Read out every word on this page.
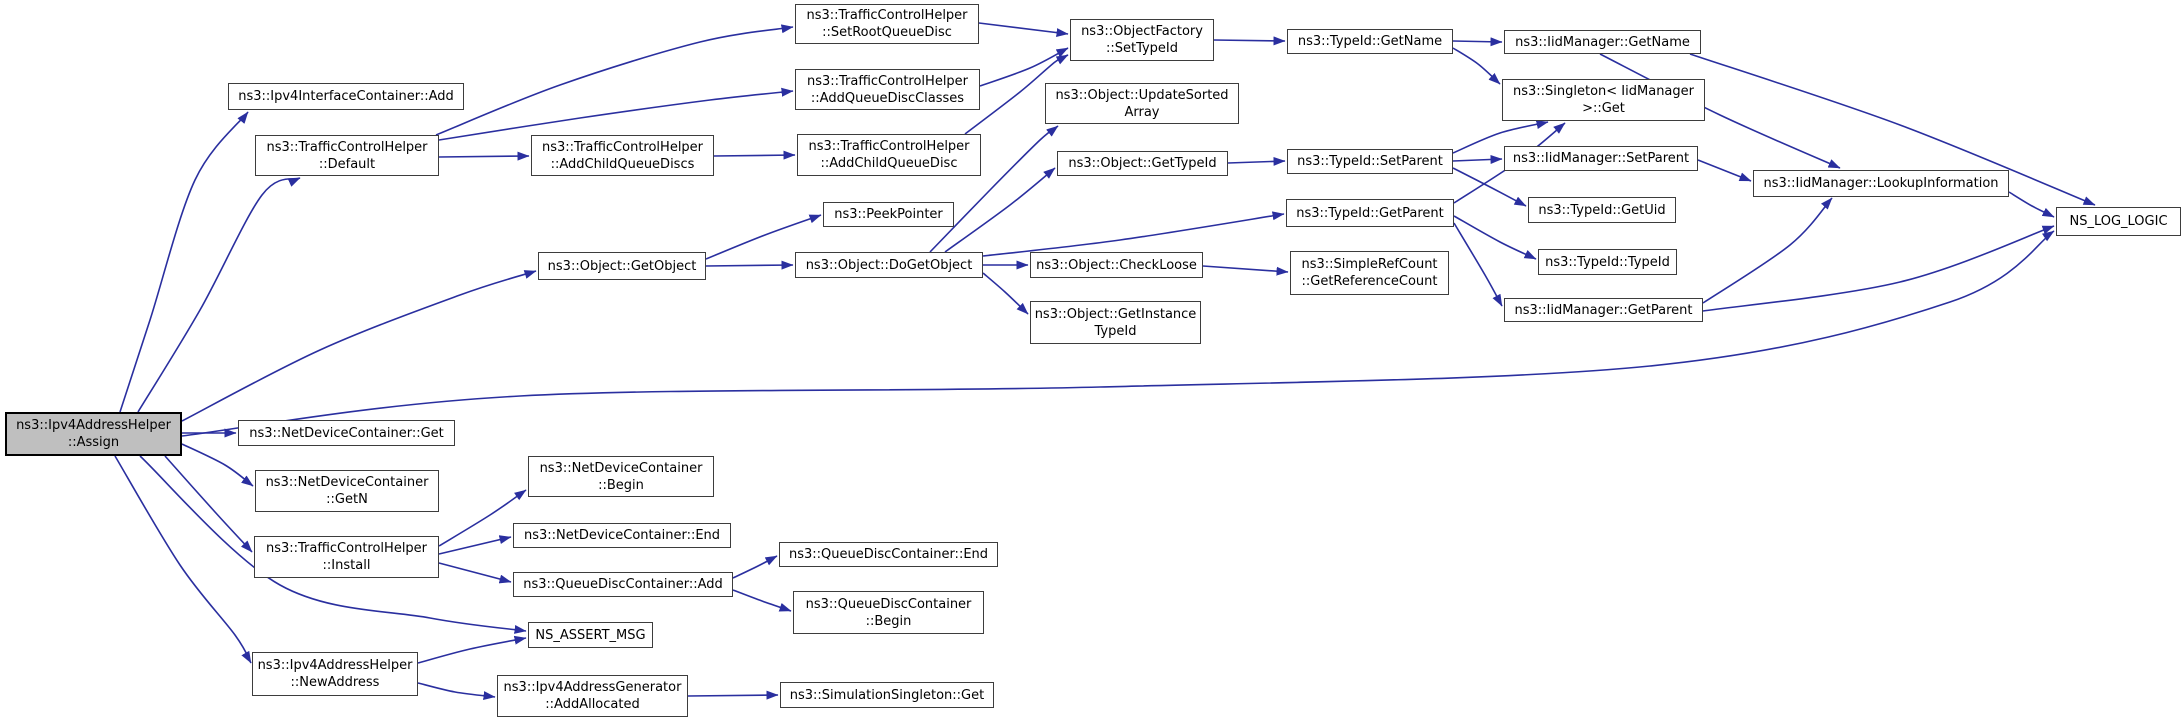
ns3::Ipv4AddressHelper
::Assign
ns3::Ipv4InterfaceContainer::Add
ns3::TrafficControlHelper
::Default
ns3::NetDeviceContainer::Get
ns3::NetDeviceContainer
::GetN
ns3::TrafficControlHelper
::Install
ns3::Ipv4AddressHelper
::NewAddress
ns3::TrafficControlHelper
::SetRootQueueDisc
ns3::TrafficControlHelper
::AddQueueDiscClasses
ns3::TrafficControlHelper
::AddChildQueueDiscs
ns3::TrafficControlHelper
::AddChildQueueDisc
ns3::PeekPointer
ns3::Object::GetObject	ns3::Object::DoGetObject
NS_ASSERT_MSG
ns3::Ipv4AddressGenerator
::AddAllocated
ns3::NetDeviceContainer
::Begin
ns3::NetDeviceContainer::End
ns3::QueueDiscContainer::Add
ns3::ObjectFactory
::SetTypeId
ns3::Object::UpdateSorted
Array
ns3::Object::GetTypeId
ns3::Object::CheckLoose
ns3::Object::GetInstance
TypeId
ns3::QueueDiscContainer::End
ns3::QueueDiscContainer
::Begin
ns3::SimulationSingleton::Get
ns3::TypeId::GetName
ns3::TypeId::SetParent
ns3::TypeId::GetParent
ns3::SimpleRefCount
::GetReferenceCount
ns3::IidManager::GetName
ns3::Singleton< IidManager
>::Get
ns3::IidManager::SetParent
ns3::TypeId::GetUid
ns3::TypeId::TypeId
ns3::IidManager::GetParent
ns3::IidManager::LookupInformation
NS_LOG_LOGIC
